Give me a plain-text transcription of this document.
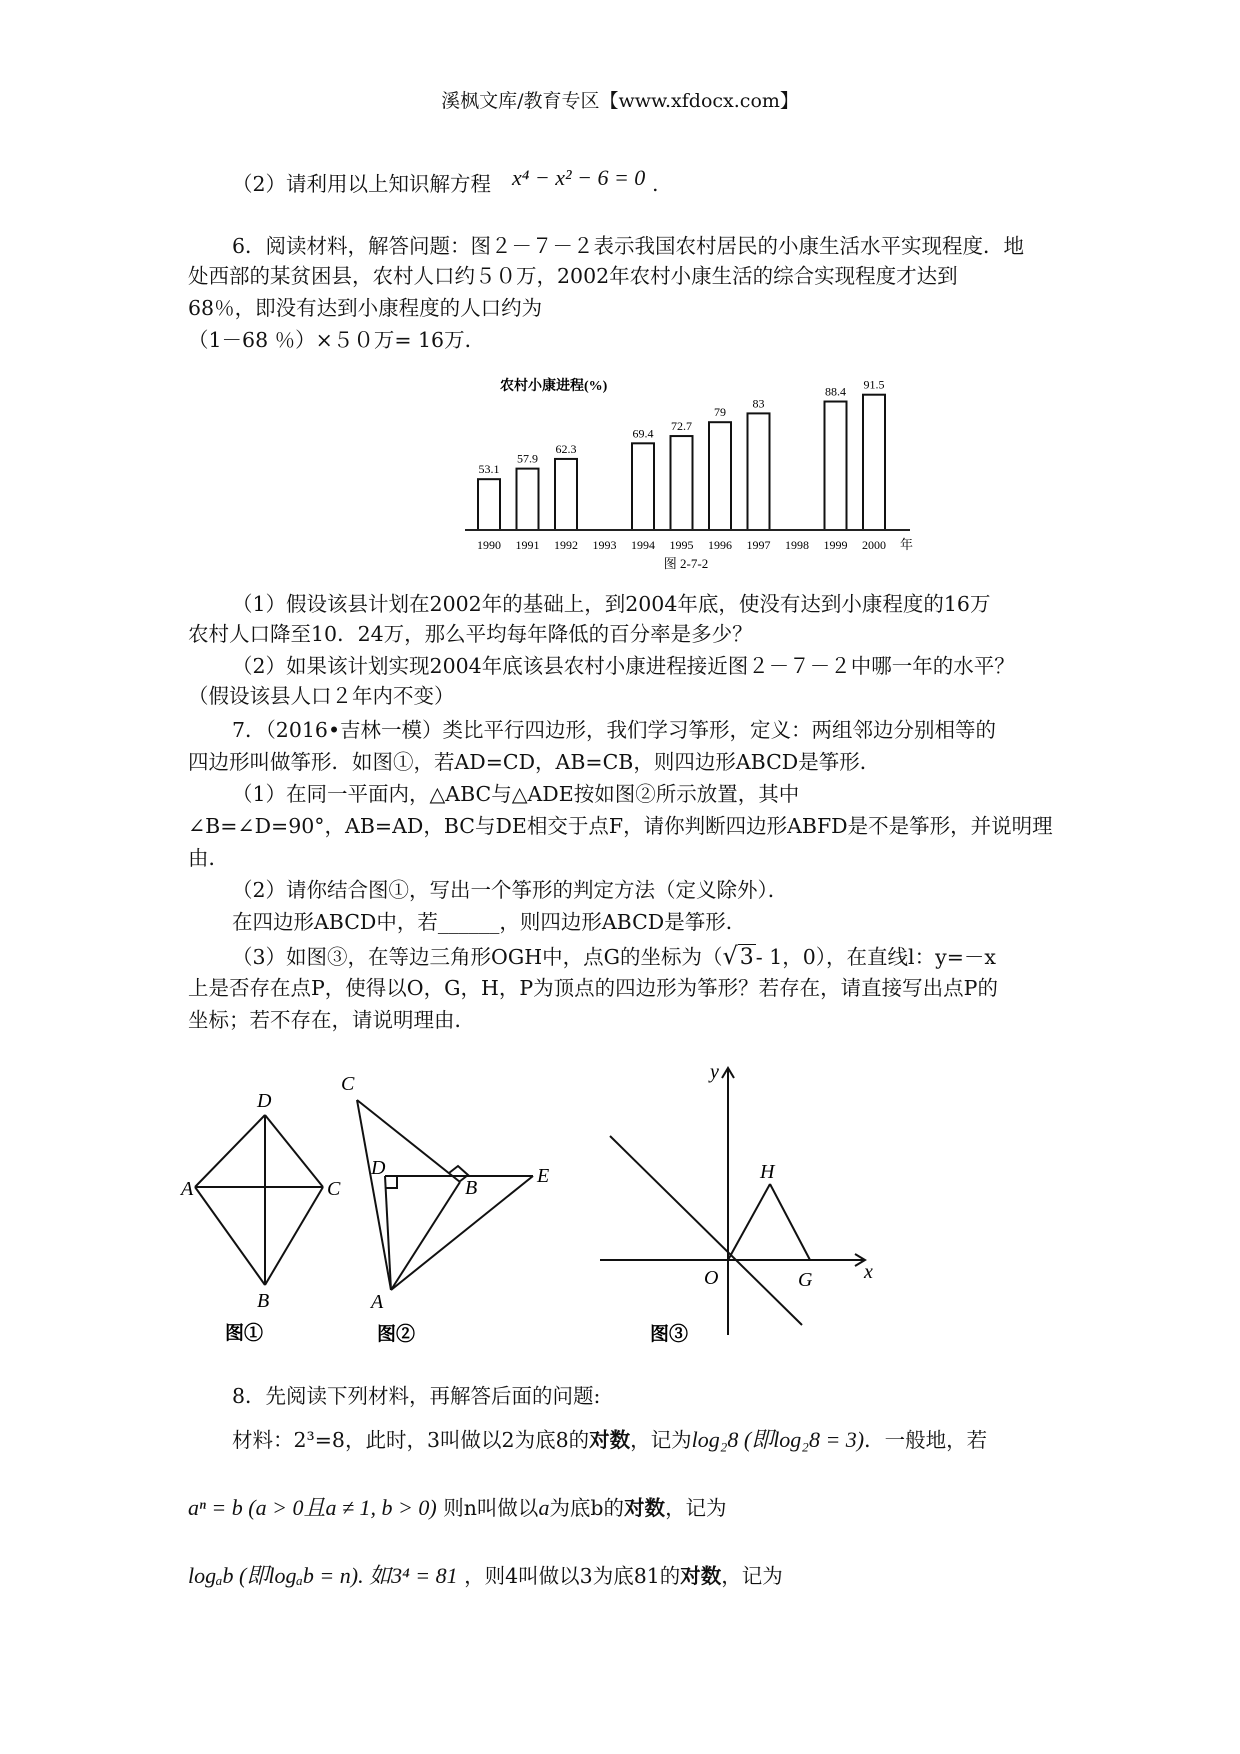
溪枫文库/教育专区【www.xfdocx.com】
（2）请利用以上知识解方程 x⁴ − x² − 6 = 0 .
6．阅读材料，解答问题：图２－７－２表示我国农村居民的小康生活水平实现程度．地
处西部的某贫困县，农村人口约５０万，2002年农村小康生活的综合实现程度才达到
68％，即没有达到小康程度的人口约为
（1－68 ％）×５０万= 16万．
农村小康进程(%)
53.1
57.9
62.3
69.4
72.7
79
83
88.4 91.5
1990 1991 1992 1993 1994 1995 1996 1997 1998 1999 2000 年
图 2-7-2
（1）假设该县计划在2002年的基础上，到2004年底，使没有达到小康程度的16万
农村人口降至10．24万，那么平均每年降低的百分率是多少？
（2）如果该计划实现2004年底该县农村小康进程接近图２－７－２中哪一年的水平？
（假设该县人口２年内不变）
7．（2016•吉林一模）类比平行四边形，我们学习筝形，定义：两组邻边分别相等的
四边形叫做筝形．如图①，若AD=CD，AB=CB，则四边形ABCD是筝形．
（1）在同一平面内，△ABC与△ADE按如图②所示放置，其中
∠B=∠D=90°，AB=AD，BC与DE相交于点F，请你判断四边形ABFD是不是筝形，并说明理
由．
（2）请你结合图①，写出一个筝形的判定方法（定义除外）．
在四边形ABCD中，若______，则四边形ABCD是筝形．
（3）如图③，在等边三角形OGH中，点G的坐标为（√3- 1，0），在直线l：y=－x
上是否存在点P，使得以O，G，H，P为顶点的四边形为筝形？若存在，请直接写出点P的
坐标；若不存在，请说明理由．
D
A	C
B
图①
C
D	E
B
A
图②
y
x
H
O	G
图③
8．先阅读下列材料，再解答后面的问题:
材料：2³=8，此时，3叫做以2为底8的对数，记为log₂8 (即log₂8 = 3)．一般地，若
aⁿ = b (a > 0且a ≠ 1, b > 0) 则n叫做以a为底b的对数，记为
logₐb (即logₐb = n). 如3⁴ = 81 ，则4叫做以3为底81的对数，记为
